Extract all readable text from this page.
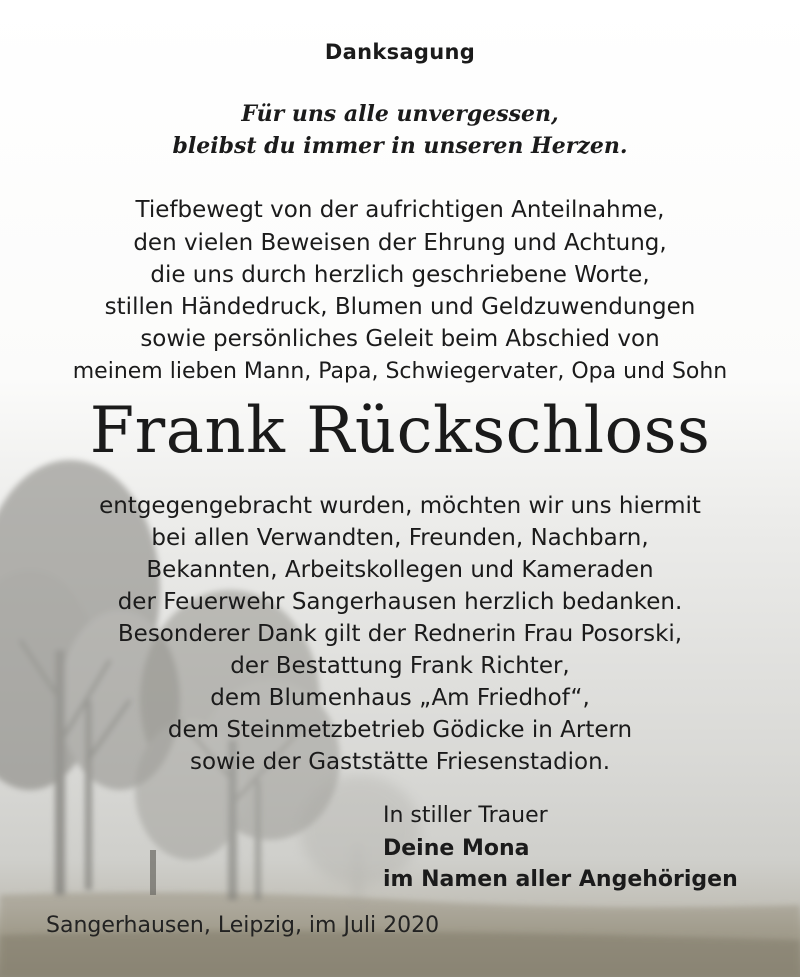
Danksagung
Für uns alle unvergessen,
bleibst du immer in unseren Herzen.
Tiefbewegt von der aufrichtigen Anteilnahme,
den vielen Beweisen der Ehrung und Achtung,
die uns durch herzlich geschriebene Worte,
stillen Händedruck, Blumen und Geldzuwendungen
sowie persönliches Geleit beim Abschied von
meinem lieben Mann, Papa, Schwiegervater, Opa und Sohn
Frank Rückschloss
entgegengebracht wurden, möchten wir uns hiermit
bei allen Verwandten, Freunden, Nachbarn,
Bekannten, Arbeitskollegen und Kameraden
der Feuerwehr Sangerhausen herzlich bedanken.
Besonderer Dank gilt der Rednerin Frau Posorski,
der Bestattung Frank Richter,
dem Blumenhaus „Am Friedhof“,
dem Steinmetzbetrieb Gödicke in Artern
sowie der Gaststätte Friesenstadion.
In stiller Trauer
Deine Mona
im Namen aller Angehörigen
Sangerhausen, Leipzig, im Juli 2020
